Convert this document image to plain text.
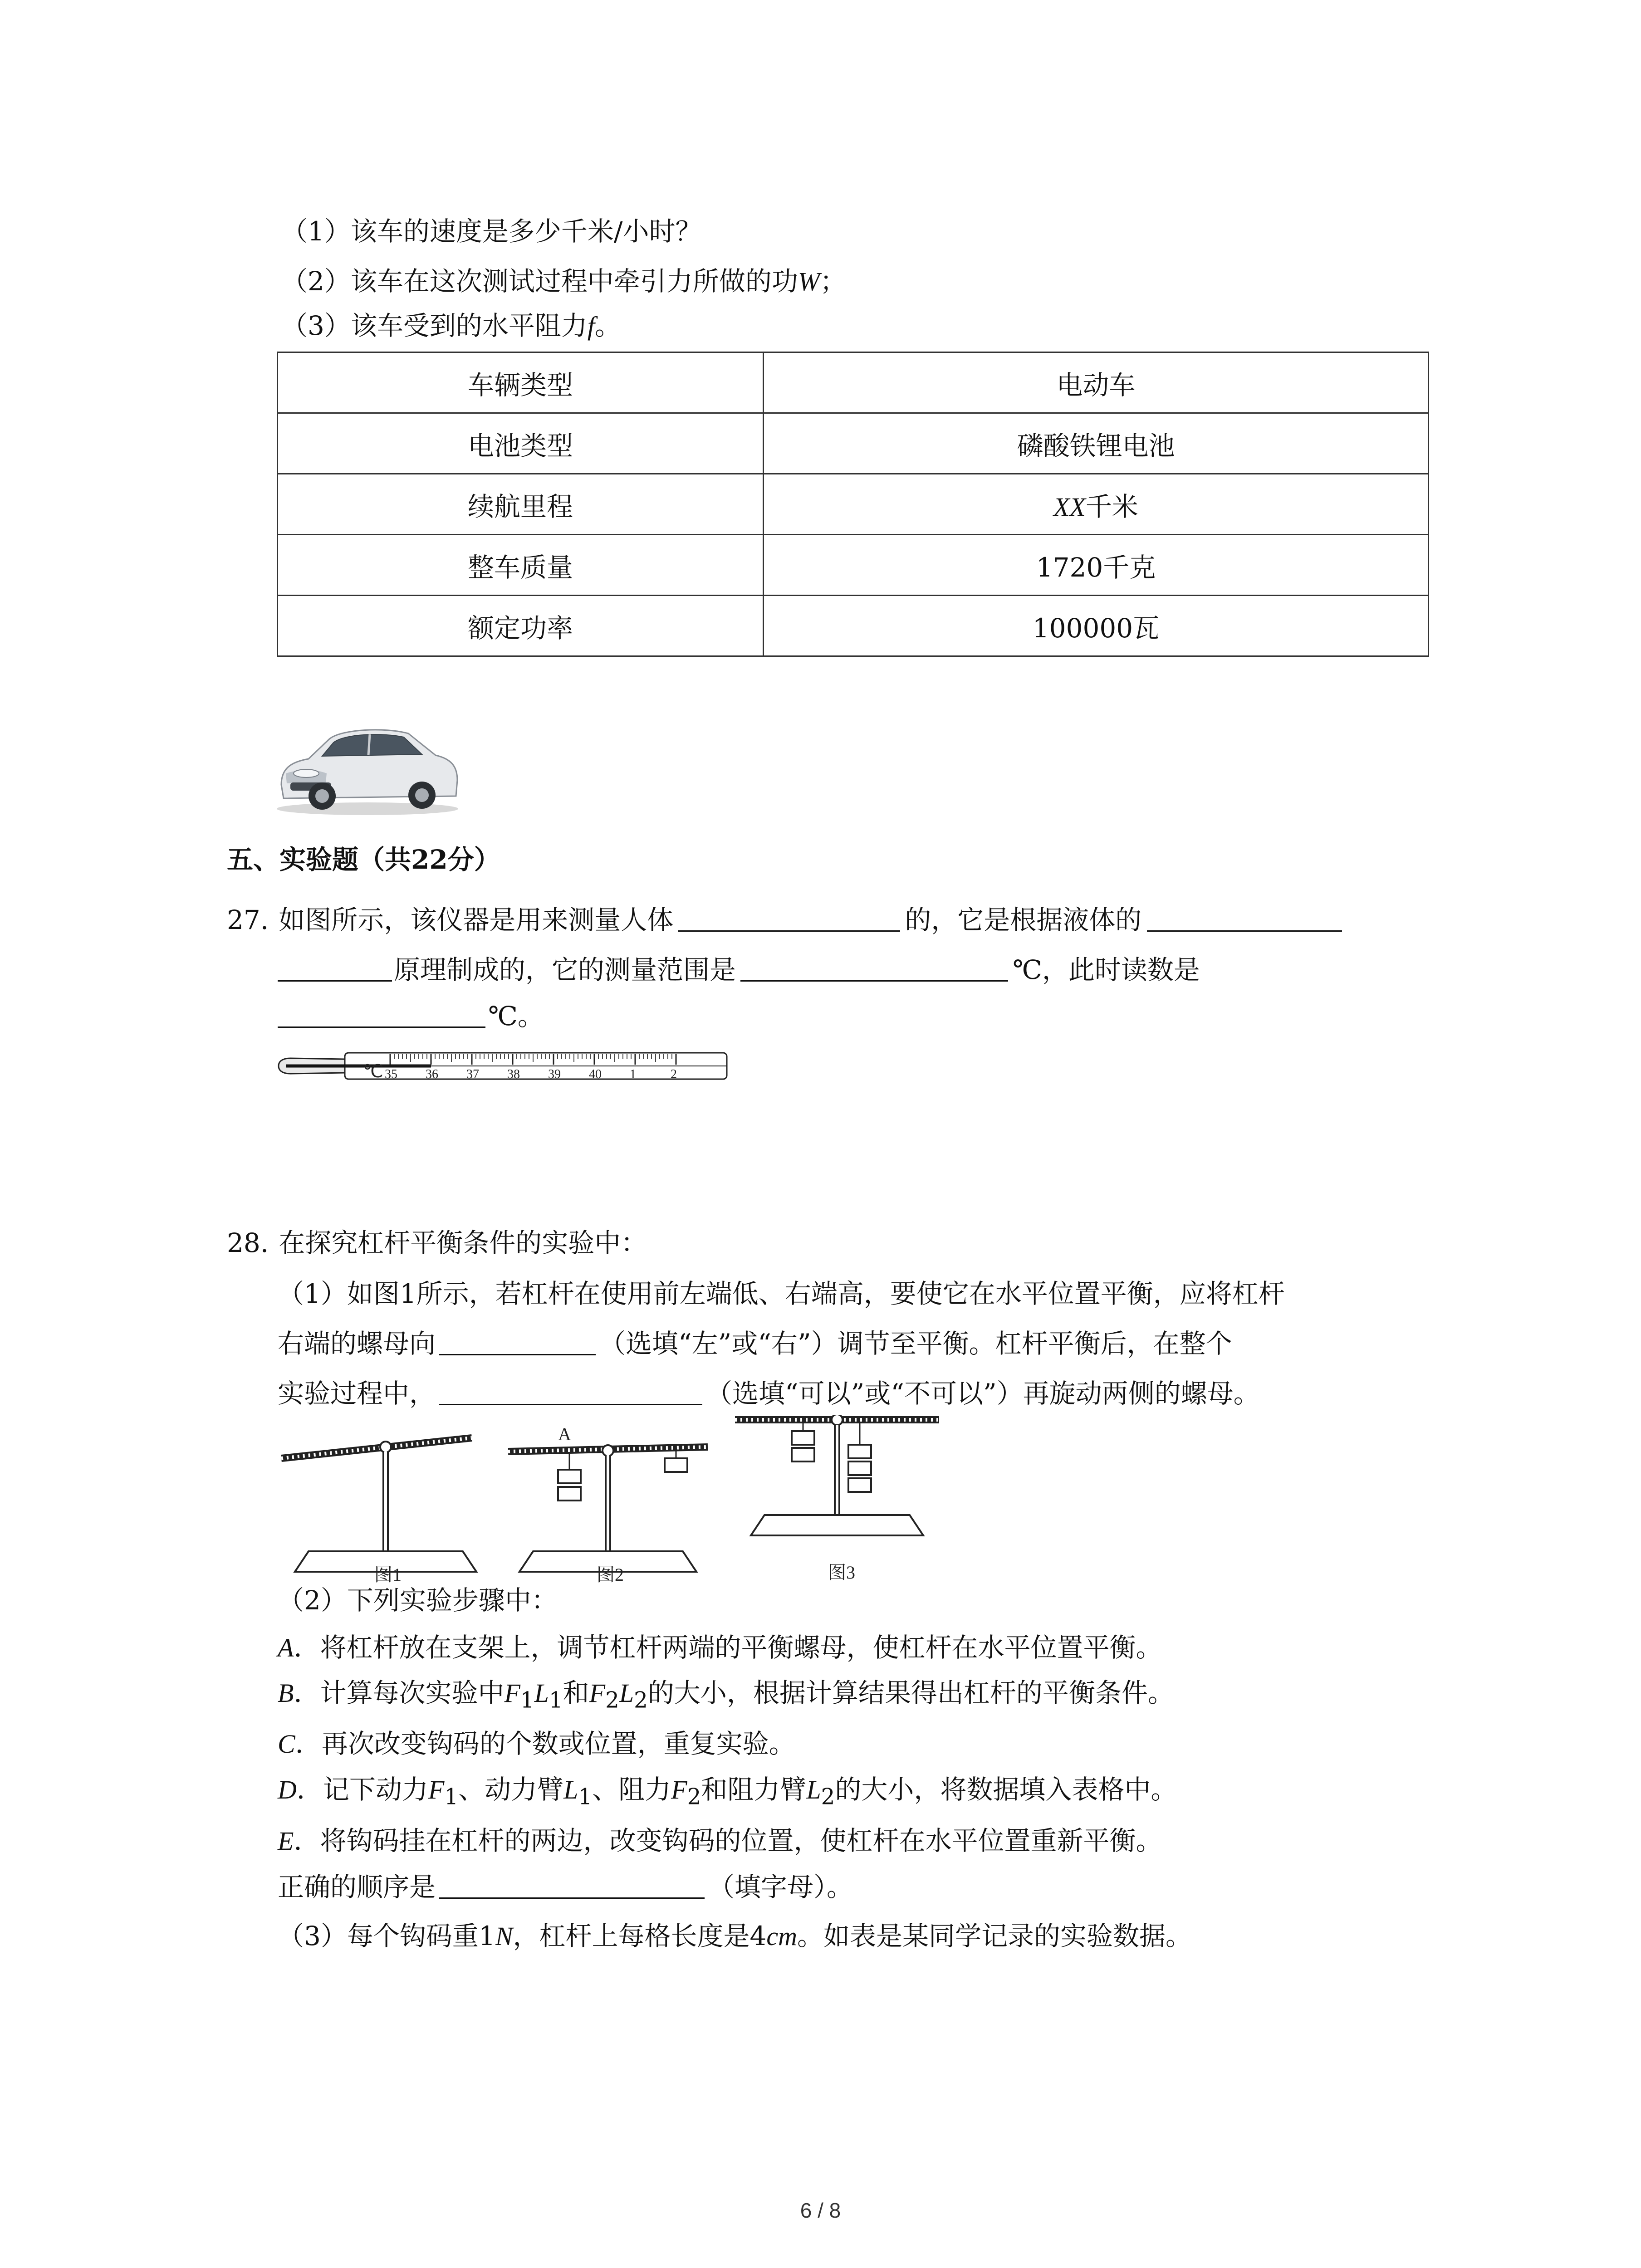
（1）该车的速度是多少千米/小时？
（2）该车在这次测试过程中牵引力所做的功W；
（3）该车受到的水平阻力f。
车辆类型	电动车
电池类型	磷酸铁锂电池
续航里程	XX千米
整车质量	1720千克
额定功率	100000瓦
五、实验题（共22分）
27. 如图所示，该仪器是用来测量人体	的，它是根据液体的
原理制成的，它的测量范围是	℃，此时读数是
℃。
35 36 37 38 39 40 1	2
℃
28. 在探究杠杆平衡条件的实验中：
（1）如图1所示，若杠杆在使用前左端低、右端高，要使它在水平位置平衡，应将杠杆
右端的螺母向	（选填“左”或“右”）调节至平衡。杠杆平衡后，在整个
实验过程中，	（选填“可以”或“不可以”）再旋动两侧的螺母。
图1
A
图2	图3
（2）下列实验步骤中：
A．将杠杆放在支架上，调节杠杆两端的平衡螺母，使杠杆在水平位置平衡。
B．计算每次实验中$F_1L_1$和$F_2L_2$的大小，根据计算结果得出杠杆的平衡条件。
C．再次改变钩码的个数或位置，重复实验。
D．记下动力$F_1$、动力臂$L_1$、阻力$F_2$和阻力臂$L_2$的大小，将数据填入表格中。
E．将钩码挂在杠杆的两边，改变钩码的位置，使杠杆在水平位置重新平衡。
正确的顺序是	（填字母）。
（3）每个钩码重1N，杠杆上每格长度是4cm。如表是某同学记录的实验数据。
6 / 8
